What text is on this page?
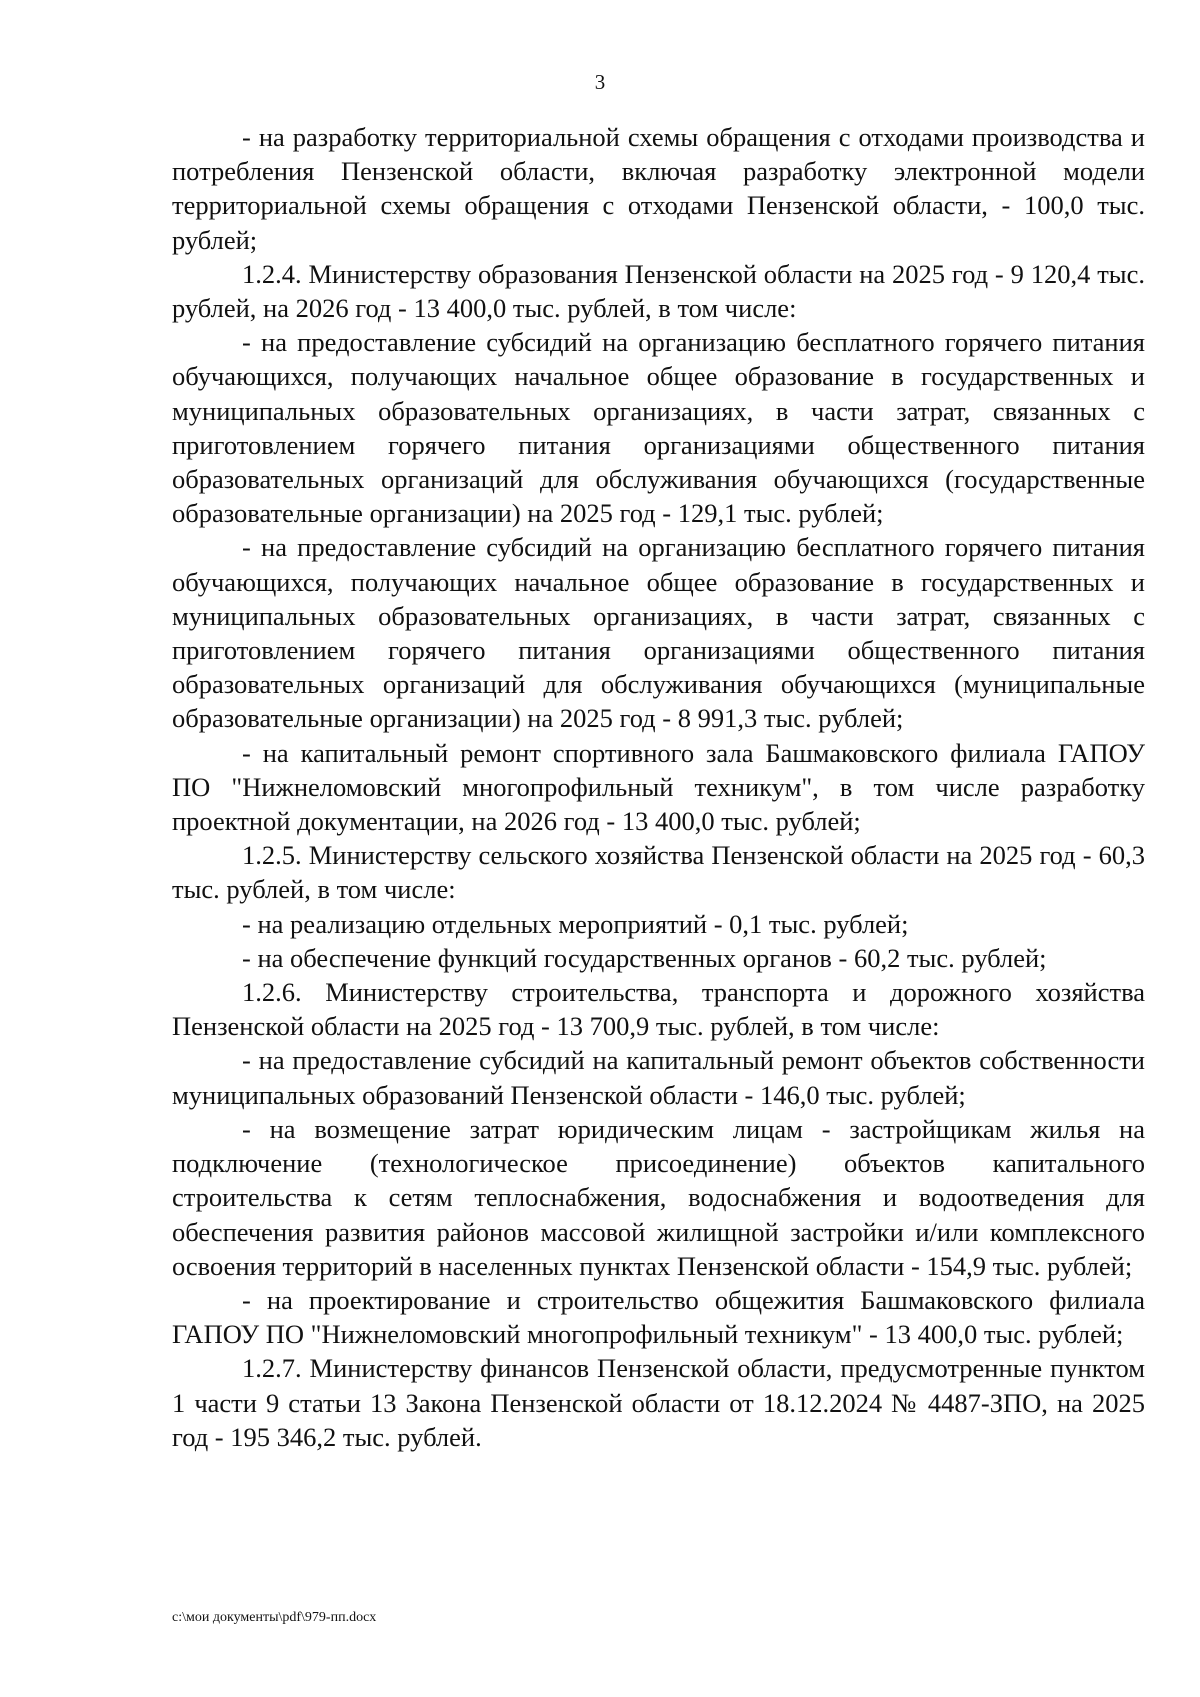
3

- на разработку территориальной схемы обращения с отходами производства и потребления Пензенской области, включая разработку электронной модели территориальной схемы обращения с отходами Пензенской области, - 100,0 тыс. рублей;

1.2.4. Министерству образования Пензенской области на 2025 год - 9 120,4 тыс. рублей, на 2026 год - 13 400,0 тыс. рублей, в том числе:

- на предоставление субсидий на организацию бесплатного горячего питания обучающихся, получающих начальное общее образование в государственных и муниципальных образовательных организациях, в части затрат, связанных с приготовлением горячего питания организациями общественного питания образовательных организаций для обслуживания обучающихся (государственные образовательные организации) на 2025 год - 129,1 тыс. рублей;

- на предоставление субсидий на организацию бесплатного горячего питания обучающихся, получающих начальное общее образование в государственных и муниципальных образовательных организациях, в части затрат, связанных с приготовлением горячего питания организациями общественного питания образовательных организаций для обслуживания обучающихся (муниципальные образовательные организации) на 2025 год - 8 991,3 тыс. рублей;

- на капитальный ремонт спортивного зала Башмаковского филиала ГАПОУ ПО "Нижнеломовский многопрофильный техникум", в том числе разработку проектной документации, на 2026 год - 13 400,0 тыс. рублей;

1.2.5. Министерству сельского хозяйства Пензенской области на 2025 год - 60,3 тыс. рублей, в том числе:

- на реализацию отдельных мероприятий - 0,1 тыс. рублей;

- на обеспечение функций государственных органов - 60,2 тыс. рублей;

1.2.6. Министерству строительства, транспорта и дорожного хозяйства Пензенской области на 2025 год - 13 700,9 тыс. рублей, в том числе:

- на предоставление субсидий на капитальный ремонт объектов собственности муниципальных образований Пензенской области - 146,0 тыс. рублей;

- на возмещение затрат юридическим лицам - застройщикам жилья на подключение (технологическое присоединение) объектов капитального строительства к сетям теплоснабжения, водоснабжения и водоотведения для обеспечения развития районов массовой жилищной застройки и/или комплексного освоения территорий в населенных пунктах Пензенской области - 154,9 тыс. рублей;

- на проектирование и строительство общежития Башмаковского филиала ГАПОУ ПО "Нижнеломовский многопрофильный техникум" - 13 400,0 тыс. рублей;

1.2.7. Министерству финансов Пензенской области, предусмотренные пунктом 1 части 9 статьи 13 Закона Пензенской области от 18.12.2024 № 4487-ЗПО, на 2025 год - 195 346,2 тыс. рублей.

c:\мои документы\pdf\979-пп.docx
